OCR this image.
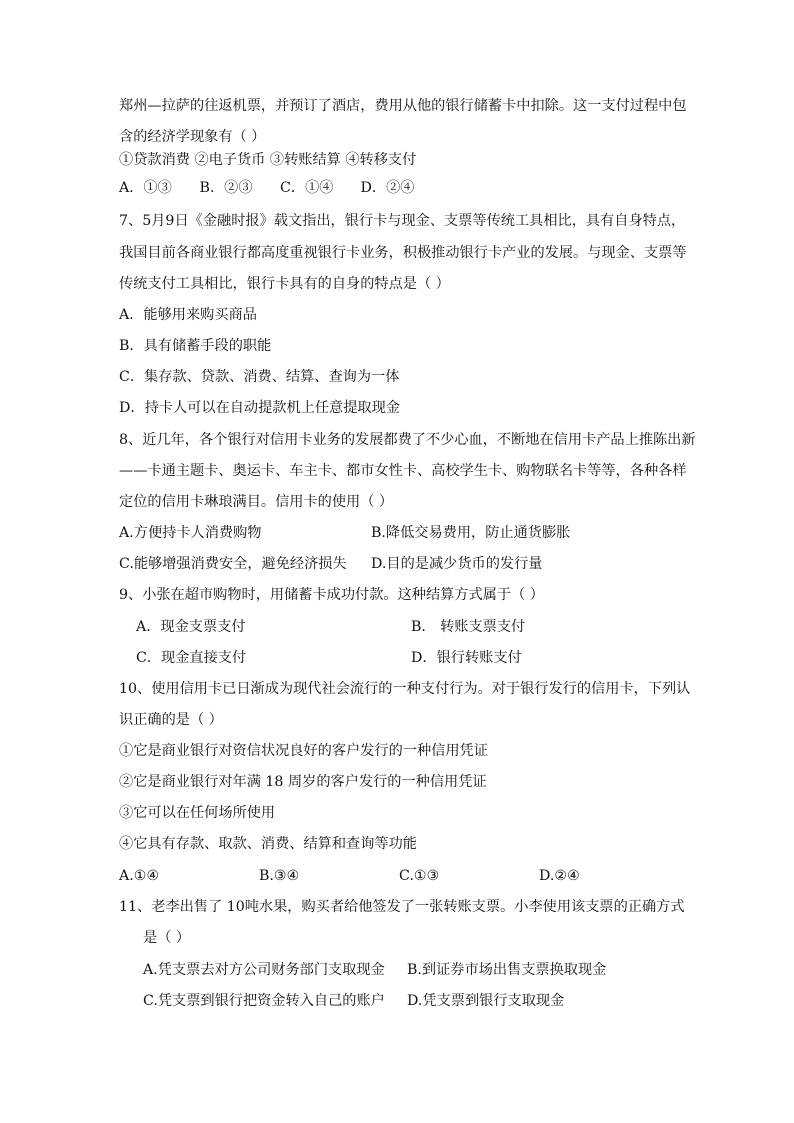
郑州—拉萨的往返机票，并预订了酒店，费用从他的银行储蓄卡中扣除。这一支付过程中包
含的经济学现象有（ ）
①贷款消费 ②电子货币 ③转账结算 ④转移支付
A．①③ B．②③ C．①④ D．②④
7、5月9日《金融时报》载文指出，银行卡与现金、支票等传统工具相比，具有自身特点，
我国目前各商业银行都高度重视银行卡业务，积极推动银行卡产业的发展。与现金、支票等
传统支付工具相比，银行卡具有的自身的特点是（ ）
A．能够用来购买商品
B．具有储蓄手段的职能
C．集存款、贷款、消费、结算、查询为一体
D．持卡人可以在自动提款机上任意提取现金
8、近几年，各个银行对信用卡业务的发展都费了不少心血，不断地在信用卡产品上推陈出新
——卡通主题卡、奥运卡、车主卡、都市女性卡、高校学生卡、购物联名卡等等，各种各样
定位的信用卡琳琅满目。信用卡的使用（ ）
A.方便持卡人消费购物	B.降低交易费用，防止通货膨胀
C.能够增强消费安全，避免经济损失 D.目的是减少货币的发行量
9、小张在超市购物时，用储蓄卡成功付款。这种结算方式属于（ ）
A．现金支票支付	B． 转账支票支付
C．现金直接支付	D．银行转账支付
10、使用信用卡已日渐成为现代社会流行的一种支付行为。对于银行发行的信用卡，下列认
识正确的是（ ）
①它是商业银行对资信状况良好的客户发行的一种信用凭证
②它是商业银行对年满 18 周岁的客户发行的一种信用凭证
③它可以在任何场所使用
④它具有存款、取款、消费、结算和查询等功能
A.①④	B.③④	C.①③	D.②④
11、老李出售了 10吨水果，购买者给他签发了一张转账支票。小李使用该支票的正确方式
是（ ）
A.凭支票去对方公司财务部门支取现金 B.到证券市场出售支票换取现金
C.凭支票到银行把资金转入自己的账户 D.凭支票到银行支取现金
